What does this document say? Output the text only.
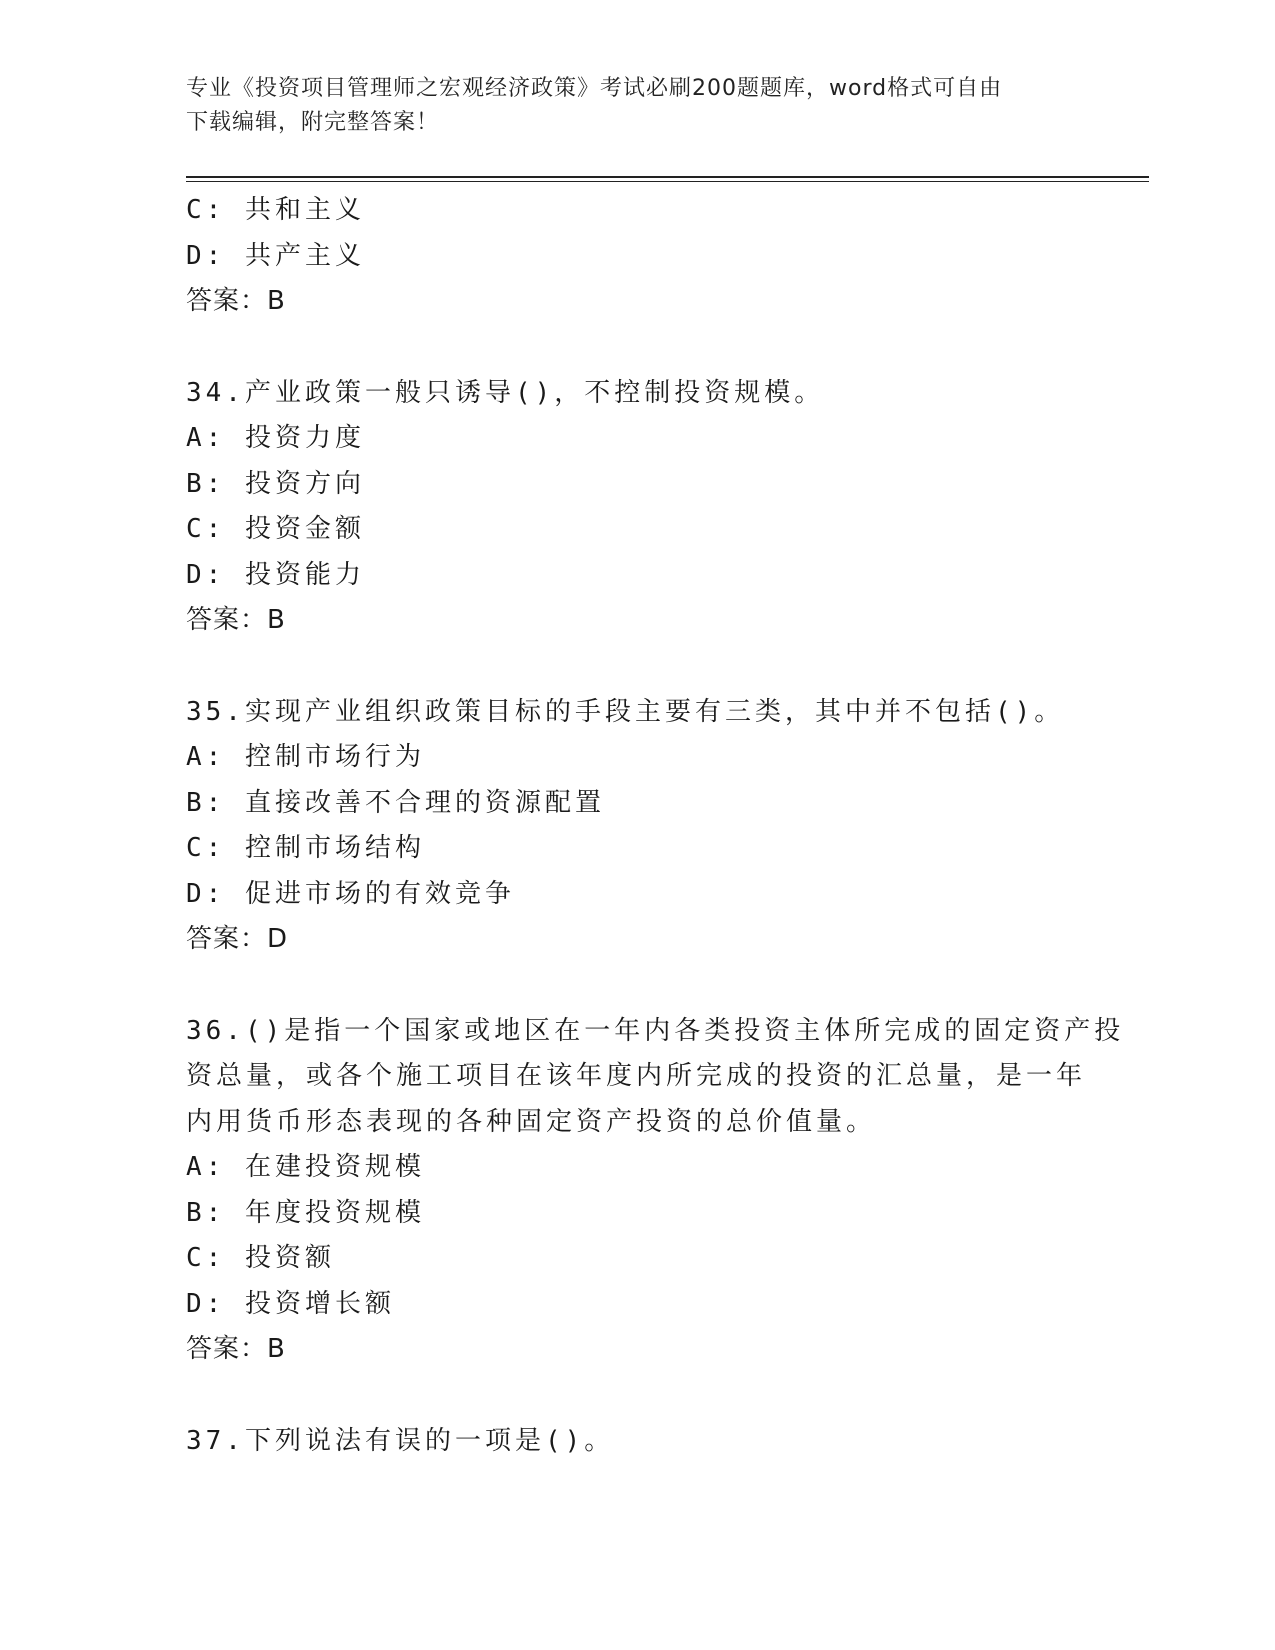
专业《投资项目管理师之宏观经济政策》考试必刷200题题库，word格式可自由
下载编辑，附完整答案！
C: 共和主义
D: 共产主义
答案：B
34.产业政策一般只诱导()，不控制投资规模。
A: 投资力度
B: 投资方向
C: 投资金额
D: 投资能力
答案：B
35.实现产业组织政策目标的手段主要有三类，其中并不包括()。
A: 控制市场行为
B: 直接改善不合理的资源配置
C: 控制市场结构
D: 促进市场的有效竞争
答案：D
36.()是指一个国家或地区在一年内各类投资主体所完成的固定资产投
资总量，或各个施工项目在该年度内所完成的投资的汇总量，是一年
内用货币形态表现的各种固定资产投资的总价值量。
A: 在建投资规模
B: 年度投资规模
C: 投资额
D: 投资增长额
答案：B
37.下列说法有误的一项是()。
